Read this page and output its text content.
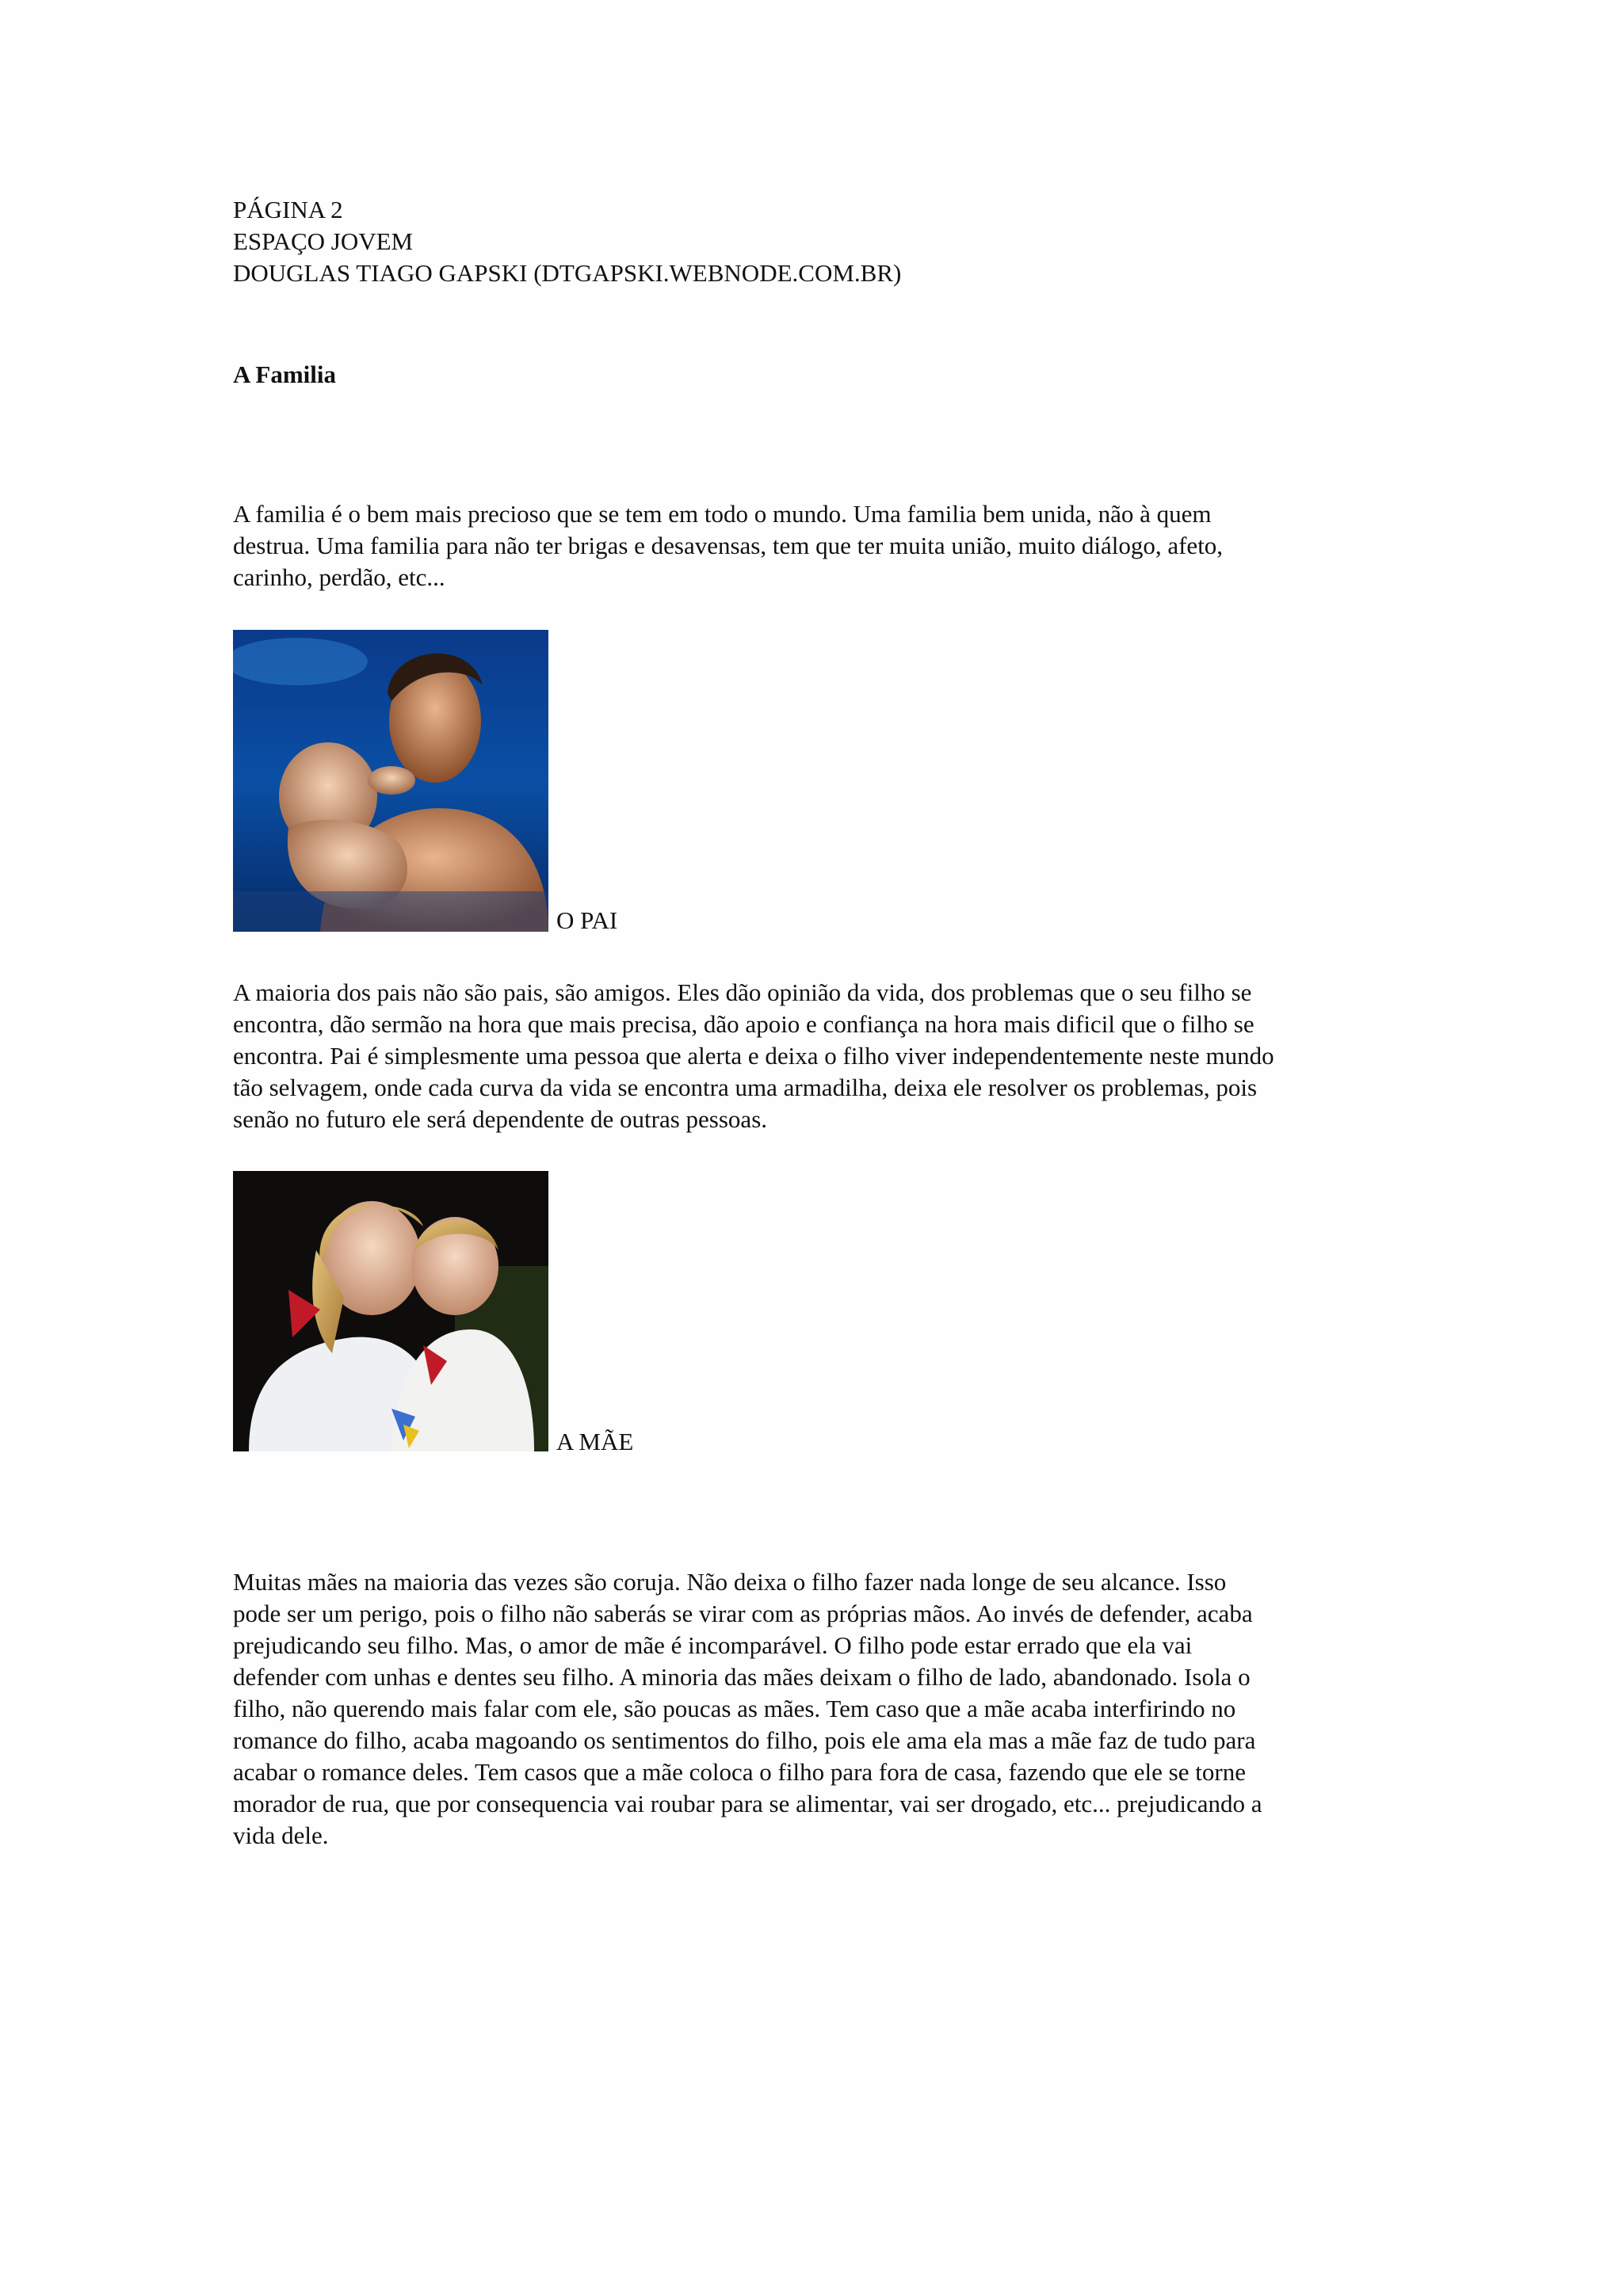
PÁGINA 2
ESPAÇO JOVEM
DOUGLAS TIAGO GAPSKI (DTGAPSKI.WEBNODE.COM.BR)
A Familia
A familia é o bem mais precioso que se tem em todo o mundo. Uma familia bem unida, não à quem
destrua. Uma familia para não ter brigas e desavensas, tem que ter muita união, muito diálogo, afeto,
carinho, perdão, etc...
O PAI
A maioria dos pais não são pais, são amigos. Eles dão opinião da vida, dos problemas que o seu filho se
encontra, dão sermão na hora que mais precisa, dão apoio e confiança na hora mais dificil que o filho se
encontra. Pai é simplesmente uma pessoa que alerta e deixa o filho viver independentemente neste mundo
tão selvagem, onde cada curva da vida se encontra uma armadilha, deixa ele resolver os problemas, pois
senão no futuro ele será dependente de outras pessoas.
A MÃE
Muitas mães na maioria das vezes são coruja. Não deixa o filho fazer nada longe de seu alcance. Isso
pode ser um perigo, pois o filho não saberás se virar com as próprias mãos. Ao invés de defender, acaba
prejudicando seu filho. Mas, o amor de mãe é incomparável. O filho pode estar errado que ela vai
defender com unhas e dentes seu filho. A minoria das mães deixam o filho de lado, abandonado. Isola o
filho, não querendo mais falar com ele, são poucas as mães. Tem caso que a mãe acaba interfirindo no
romance do filho, acaba magoando os sentimentos do filho, pois ele ama ela mas a mãe faz de tudo para
acabar o romance deles. Tem casos que a mãe coloca o filho para fora de casa, fazendo que ele se torne
morador de rua, que por consequencia vai roubar para se alimentar, vai ser drogado, etc... prejudicando a
vida dele.
